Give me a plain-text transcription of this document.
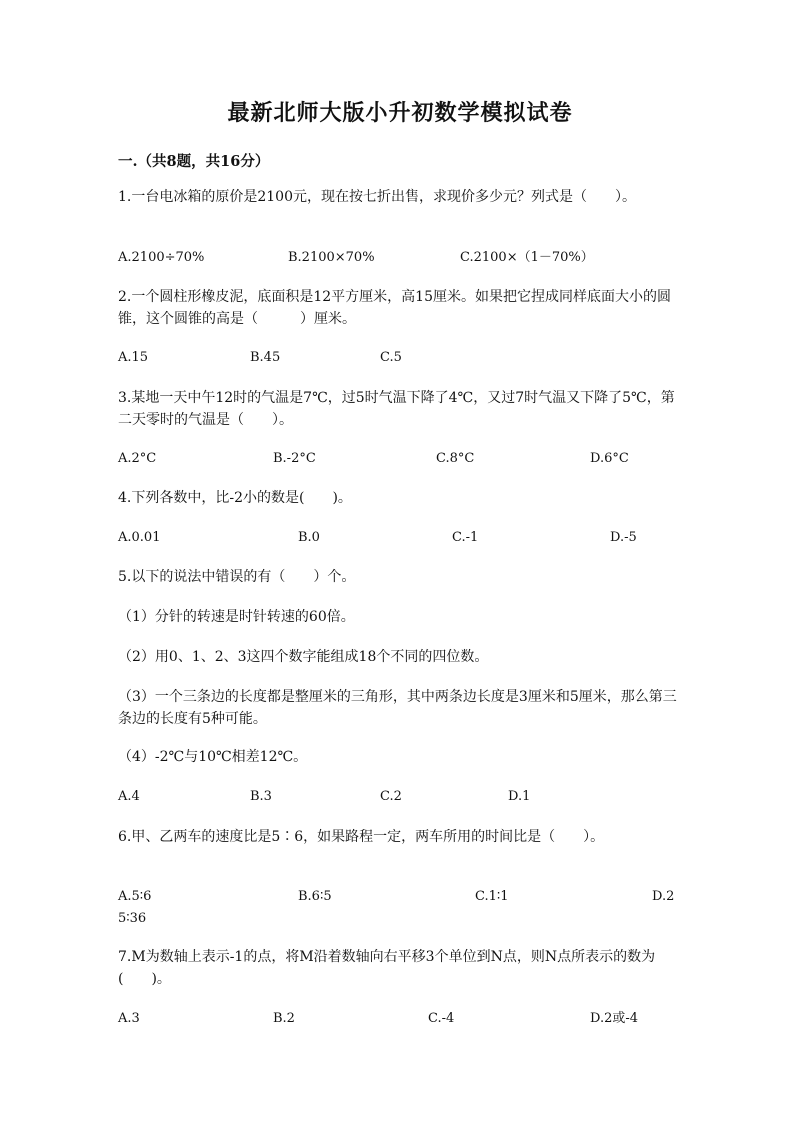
最新北师大版小升初数学模拟试卷
一.（共8题，共16分）
1.一台电冰箱的原价是2100元，现在按七折出售，求现价多少元？列式是（　　）。
A.2100÷70%	B.2100×70%	C.2100×（1－70%）
2.一个圆柱形橡皮泥，底面积是12平方厘米，高15厘米。如果把它捏成同样底面大小的圆锥，这个圆锥的高是（　　　）厘米。
A.15	B.45	C.5
3.某地一天中午12时的气温是7℃，过5时气温下降了4℃，又过7时气温又下降了5℃，第二天零时的气温是（　　）。
A.2°C	B.-2°C	C.8°C	D.6°C
4.下列各数中，比-2小的数是(　　)。
A.0.01	B.0	C.-1	D.-5
5.以下的说法中错误的有（　　）个。
（1）分针的转速是时针转速的60倍。
（2）用0、1、2、3这四个数字能组成18个不同的四位数。
（3）一个三条边的长度都是整厘米的三角形，其中两条边长度是3厘米和5厘米，那么第三条边的长度有5种可能。
（4）-2℃与10℃相差12℃。
A.4	B.3	C.2	D.1
6.甲、乙两车的速度比是5∶6，如果路程一定，两车所用的时间比是（　　）。
A.5∶6	B.6∶5	C.1∶1	D.2
5∶36
7.M为数轴上表示-1的点，将M沿着数轴向右平移3个单位到N点，则N点所表示的数为(　　)。
A.3	B.2	C.-4	D.2或-4
